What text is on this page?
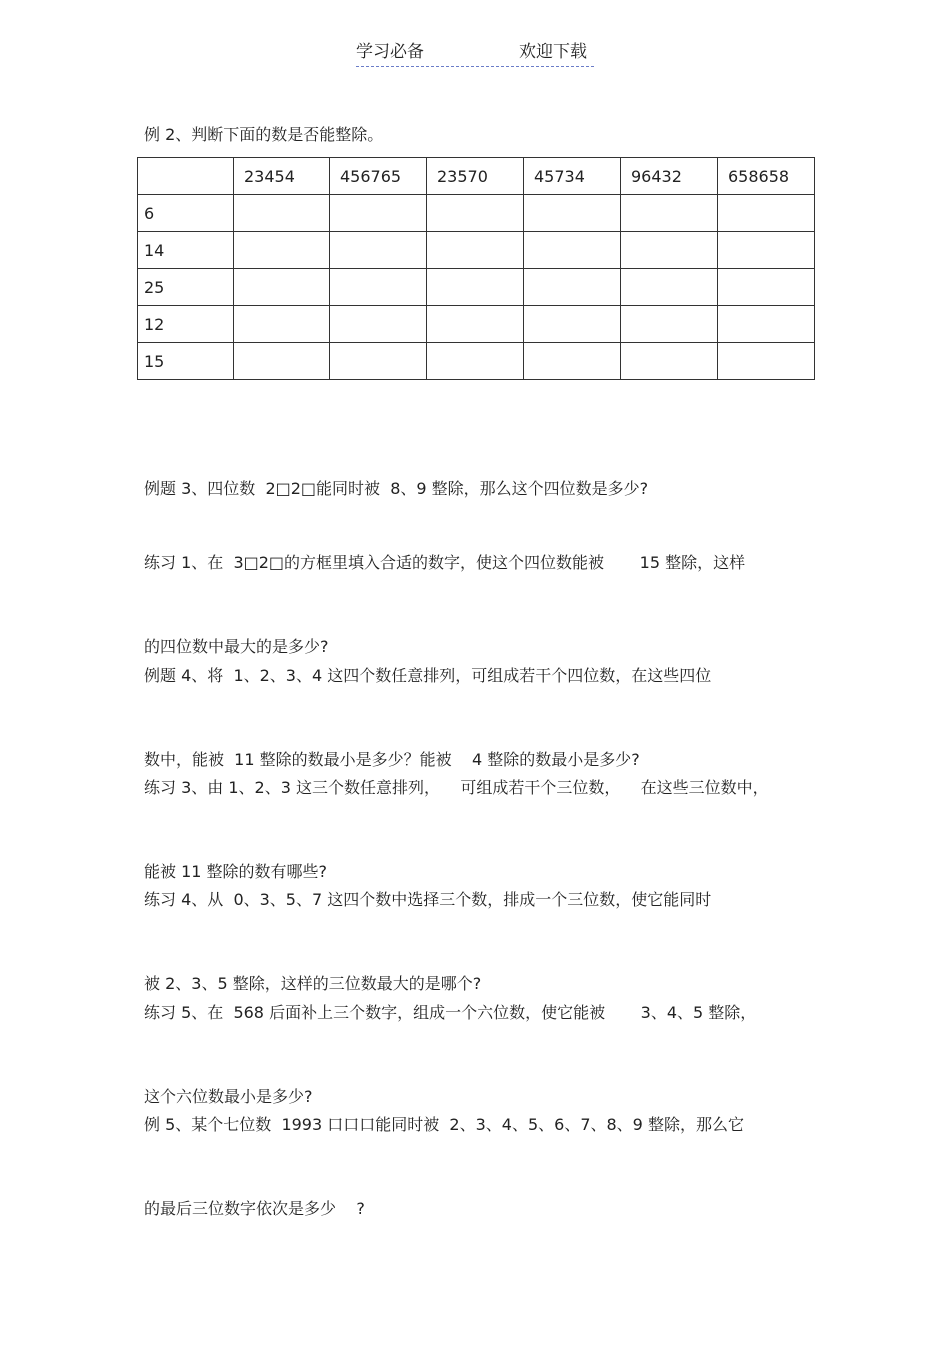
学习必备	欢迎下载
例 2、判断下面的数是否能整除。
	23454	456765	23570	45734	96432	658658
6						
14						
25						
12						
15						

例题 3、四位数  2□2□能同时被  8、9 整除，那么这个四位数是多少?

练习 1、在  3□2□的方框里填入合适的数字，使这个四位数能被       15 整除，这样

的四位数中最大的是多少?

例题 4、将  1、2、3、4 这四个数任意排列，可组成若干个四位数，在这些四位

数中，能被  11 整除的数最小是多少？能被    4 整除的数最小是多少?

练习 3、由 1、2、3 这三个数任意排列，    可组成若干个三位数，    在这些三位数中，

能被 11 整除的数有哪些?

练习 4、从  0、3、5、7 这四个数中选择三个数，排成一个三位数，使它能同时

被 2、3、5 整除，这样的三位数最大的是哪个?

练习 5、在  568 后面补上三个数字，组成一个六位数，使它能被       3、4、5 整除，

这个六位数最小是多少?

例 5、某个七位数  1993 口口口能同时被  2、3、4、5、6、7、8、9 整除，那么它

的最后三位数字依次是多少    ?
